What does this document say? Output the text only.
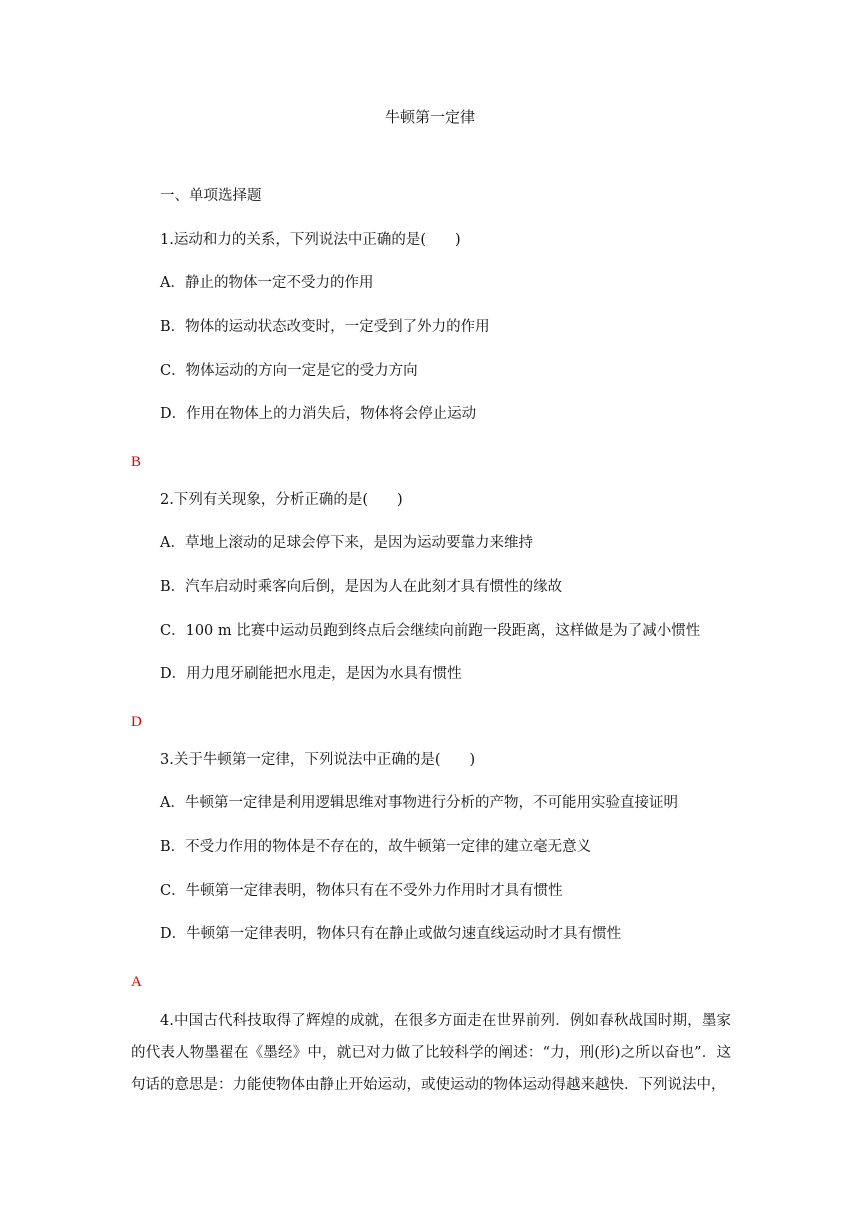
牛顿第一定律
一、单项选择题
1.运动和力的关系，下列说法中正确的是(　　)
A．静止的物体一定不受力的作用
B．物体的运动状态改变时，一定受到了外力的作用
C．物体运动的方向一定是它的受力方向
D．作用在物体上的力消失后，物体将会停止运动
B
2.下列有关现象，分析正确的是(　　)
A．草地上滚动的足球会停下来，是因为运动要靠力来维持
B．汽车启动时乘客向后倒，是因为人在此刻才具有惯性的缘故
C．100 m 比赛中运动员跑到终点后会继续向前跑一段距离，这样做是为了减小惯性
D．用力甩牙刷能把水甩走，是因为水具有惯性
D
3.关于牛顿第一定律，下列说法中正确的是(　　)
A．牛顿第一定律是利用逻辑思维对事物进行分析的产物，不可能用实验直接证明
B．不受力作用的物体是不存在的，故牛顿第一定律的建立毫无意义
C．牛顿第一定律表明，物体只有在不受外力作用时才具有惯性
D．牛顿第一定律表明，物体只有在静止或做匀速直线运动时才具有惯性
A
4.中国古代科技取得了辉煌的成就，在很多方面走在世界前列．例如春秋战国时期，墨家的代表人物墨翟在《墨经》中，就已对力做了比较科学的阐述：“力，刑(形)之所以奋也”．这句话的意思是：力能使物体由静止开始运动，或使运动的物体运动得越来越快．下列说法中，
